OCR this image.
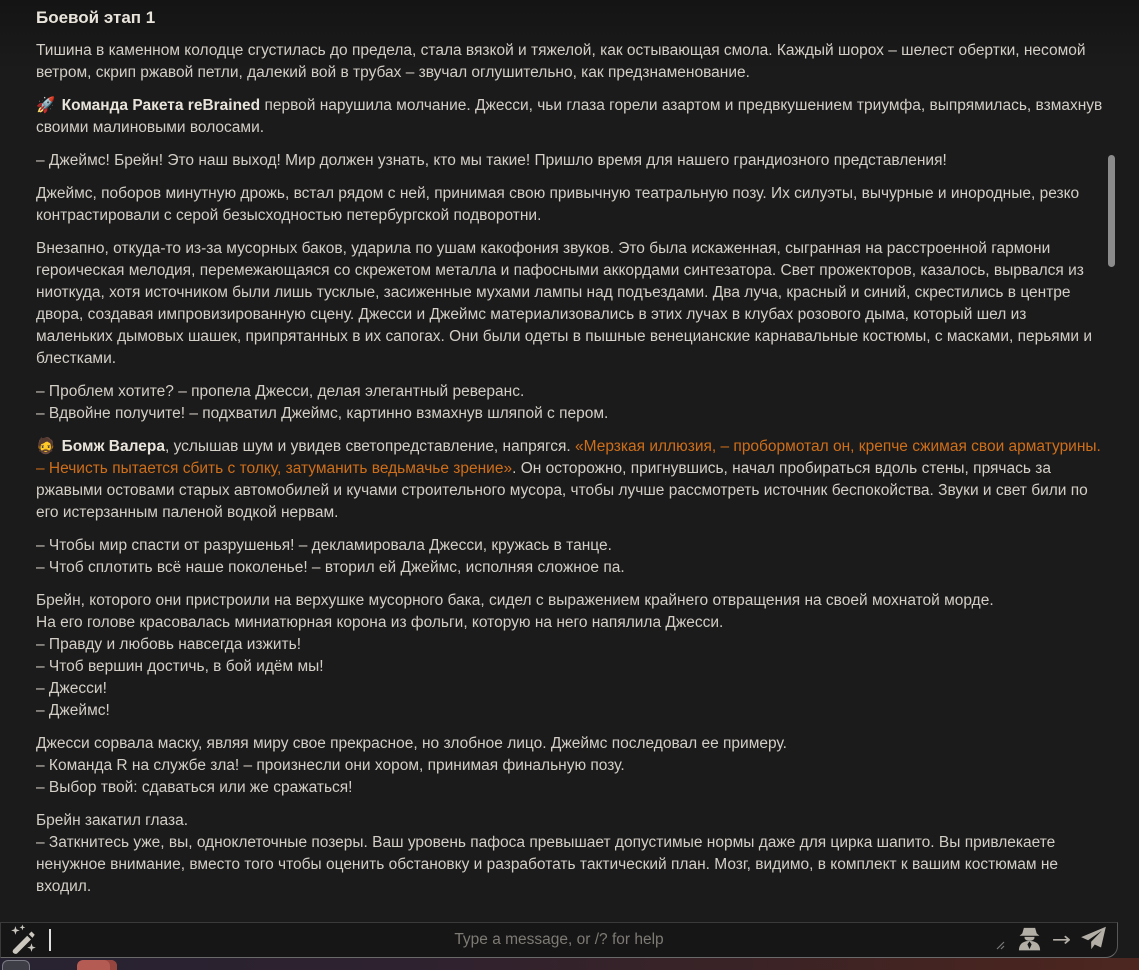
Боевой этап 1

Тишина в каменном колодце сгустилась до предела, стала вязкой и тяжелой, как остывающая смола. Каждый шорох – шелест обертки, несомой ветром, скрип ржавой петли, далекий вой в трубах – звучал оглушительно, как предзнаменование.

🚀 Команда Ракета reBrained первой нарушила молчание. Джесси, чьи глаза горели азартом и предвкушением триумфа, выпрямилась, взмахнув своими малиновыми волосами.

– Джеймс! Брейн! Это наш выход! Мир должен узнать, кто мы такие! Пришло время для нашего грандиозного представления!

Джеймс, поборов минутную дрожь, встал рядом с ней, принимая свою привычную театральную позу. Их силуэты, вычурные и инородные, резко контрастировали с серой безысходностью петербургской подворотни.

Внезапно, откуда-то из-за мусорных баков, ударила по ушам какофония звуков. Это была искаженная, сыгранная на расстроенной гармони героическая мелодия, перемежающаяся со скрежетом металла и пафосными аккордами синтезатора. Свет прожекторов, казалось, вырвался из ниоткуда, хотя источником были лишь тусклые, засиженные мухами лампы над подъездами. Два луча, красный и синий, скрестились в центре двора, создавая импровизированную сцену. Джесси и Джеймс материализовались в этих лучах в клубах розового дыма, который шел из маленьких дымовых шашек, припрятанных в их сапогах. Они были одеты в пышные венецианские карнавальные костюмы, с масками, перьями и блестками.

– Проблем хотите? – пропела Джесси, делая элегантный реверанс.
– Вдвойне получите! – подхватил Джеймс, картинно взмахнув шляпой с пером.

🧔 Бомж Валера, услышав шум и увидев светопредставление, напрягся. «Мерзкая иллюзия, – пробормотал он, крепче сжимая свои арматурины. – Нечисть пытается сбить с толку, затуманить ведьмачье зрение». Он осторожно, пригнувшись, начал пробираться вдоль стены, прячась за ржавыми остовами старых автомобилей и кучами строительного мусора, чтобы лучше рассмотреть источник беспокойства. Звуки и свет били по его истерзанным паленой водкой нервам.

– Чтобы мир спасти от разрушенья! – декламировала Джесси, кружась в танце.
– Чтоб сплотить всё наше поколенье! – вторил ей Джеймс, исполняя сложное па.

Брейн, которого они пристроили на верхушке мусорного бака, сидел с выражением крайнего отвращения на своей мохнатой морде.
На его голове красовалась миниатюрная корона из фольги, которую на него напялила Джесси.
– Правду и любовь навсегда изжить!
– Чтоб вершин достичь, в бой идём мы!
– Джесси!
– Джеймс!

Джесси сорвала маску, являя миру свое прекрасное, но злобное лицо. Джеймс последовал ее примеру.
– Команда R на службе зла! – произнесли они хором, принимая финальную позу.
– Выбор твой: сдаваться или же сражаться!

Брейн закатил глаза.
– Заткнитесь уже, вы, одноклеточные позеры. Ваш уровень пафоса превышает допустимые нормы даже для цирка шапито. Вы привлекаете ненужное внимание, вместо того чтобы оценить обстановку и разработать тактический план. Мозг, видимо, в комплект к вашим костюмам не входил.

Type a message, or /? for help	→
